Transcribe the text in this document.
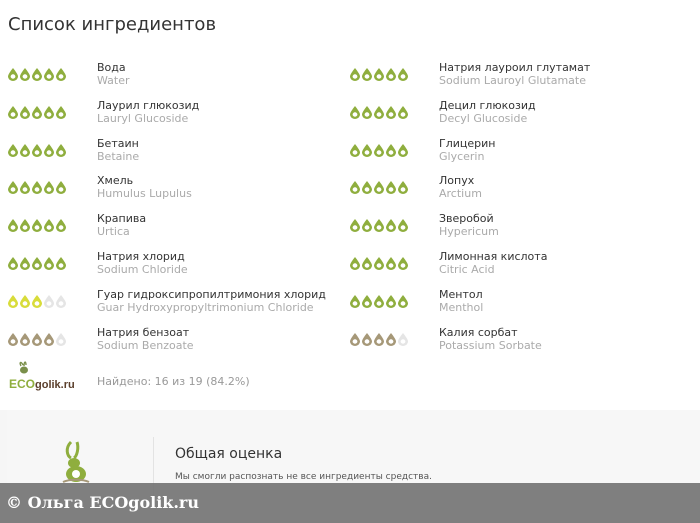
Список ингредиентов
Вода
Water
Лаурил глюкозид
Lauryl Glucoside
Бетаин
Betaine
Хмель
Humulus Lupulus
Крапива
Urtica
Натрия хлорид
Sodium Chloride
Гуар гидроксипропилтримония хлорид
Guar Hydroxypropyltrimonium Chloride
Натрия бензоат
Sodium Benzoate
Натрия лауроил глутамат
Sodium Lauroyl Glutamate
Децил глюкозид
Decyl Glucoside
Глицерин
Glycerin
Лопух
Arctium
Зверобой
Hypericum
Лимонная кислота
Citric Acid
Ментол
Menthol
Калия сорбат
Potassium Sorbate
ECO golik.ru Найдено: 16 из 19 (84.2%)
Общая оценка
Мы смогли распознать не все ингредиенты средства.
© Ольга ECOgolik.ru
